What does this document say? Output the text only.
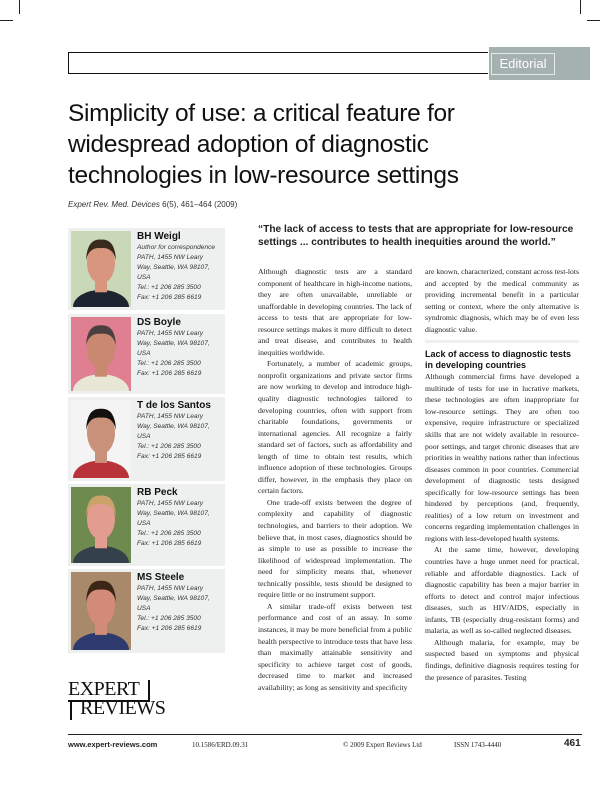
Editorial
Simplicity of use: a critical feature for widespread adoption of diagnostic technologies in low-resource settings
Expert Rev. Med. Devices 6(5), 461–464 (2009)
BH Weigl
Author for correspondence
PATH, 1455 NW Leary
Way, Seattle, WA 98107,
USA
Tel.: +1 206 285 3500
Fax: +1 206 285 6619
DS Boyle
PATH, 1455 NW Leary
Way, Seattle, WA 98107,
USA
Tel.: +1 206 285 3500
Fax: +1 206 285 6619
T de los Santos
PATH, 1455 NW Leary
Way, Seattle, WA 98107,
USA
Tel.: +1 206 285 3500
Fax: +1 206 285 6619
RB Peck
PATH, 1455 NW Leary
Way, Seattle, WA 98107,
USA
Tel.: +1 206 285 3500
Fax: +1 206 285 6619
MS Steele
PATH, 1455 NW Leary
Way, Seattle, WA 98107,
USA
Tel.: +1 206 285 3500
Fax: +1 206 285 6619
EXPERT
REVIEWS
“The lack of access to tests that are appropriate for low-resource settings ... contributes to health inequities around the world.”

Although diagnostic tests are a standard component of healthcare in high-income nations, they are often unavailable, unreliable or unaffordable in developing countries. The lack of access to tests that are appropriate for low-resource settings makes it more difficult to detect and treat disease, and contributes to health inequities worldwide.

Fortunately, a number of academic groups, nonprofit organizations and private sector firms are now working to develop and introduce high-quality diagnostic technologies tailored to developing countries, often with support from charitable foundations, governments or international agencies. All recognize a fairly standard set of factors, such as affordability and length of time to obtain test results, which influence adoption of these technologies. Groups differ, however, in the emphasis they place on certain factors.

One trade-off exists between the degree of complexity and capability of diagnostic technologies, and barriers to their adoption. We believe that, in most cases, diagnostics should be as simple to use as possible to increase the likelihood of widespread implementation. The need for simplicity means that, whenever technically possible, tests should be designed to require little or no instrument support.

A similar trade-off exists between test performance and cost of an assay. In some instances, it may be more beneficial from a public health perspective to introduce tests that have less than maximally attainable sensitivity and specificity to achieve target cost of goods, decreased time to market and increased availability; as long as sensitivity and specificity

are known, characterized, constant across test-lots and accepted by the medical community as providing incremental benefit in a particular setting or context, where the only alternative is syndromic diagnosis, which may be of even less diagnostic value.

Lack of access to diagnostic tests in developing countries

Although commercial firms have developed a multitude of tests for use in lucrative markets, these technologies are often inappropriate for low-resource settings. They are often too expensive, require infrastructure or specialized skills that are not widely available in resource-poor settings, and target chronic diseases that are priorities in wealthy nations rather than infectious diseases common in poor countries. Commercial development of diagnostic tests designed specifically for low-resource settings has been hindered by perceptions (and, frequently, realities) of a low return on investment and concerns regarding implementation challenges in regions with less-developed health systems.

At the same time, however, developing countries have a huge unmet need for practical, reliable and affordable diagnostics. Lack of diagnostic capability has been a major barrier in efforts to detect and control major infectious diseases, such as HIV/AIDS, especially in infants, TB (especially drug-resistant forms) and malaria, as well as so-called neglected diseases.

Although malaria, for example, may be suspected based on symptoms and physical findings, definitive diagnosis requires testing for the presence of parasites. Testing

www.expert-reviews.com	10.1586/ERD.09.31	© 2009 Expert Reviews Ltd	ISSN 1743-4440	461
